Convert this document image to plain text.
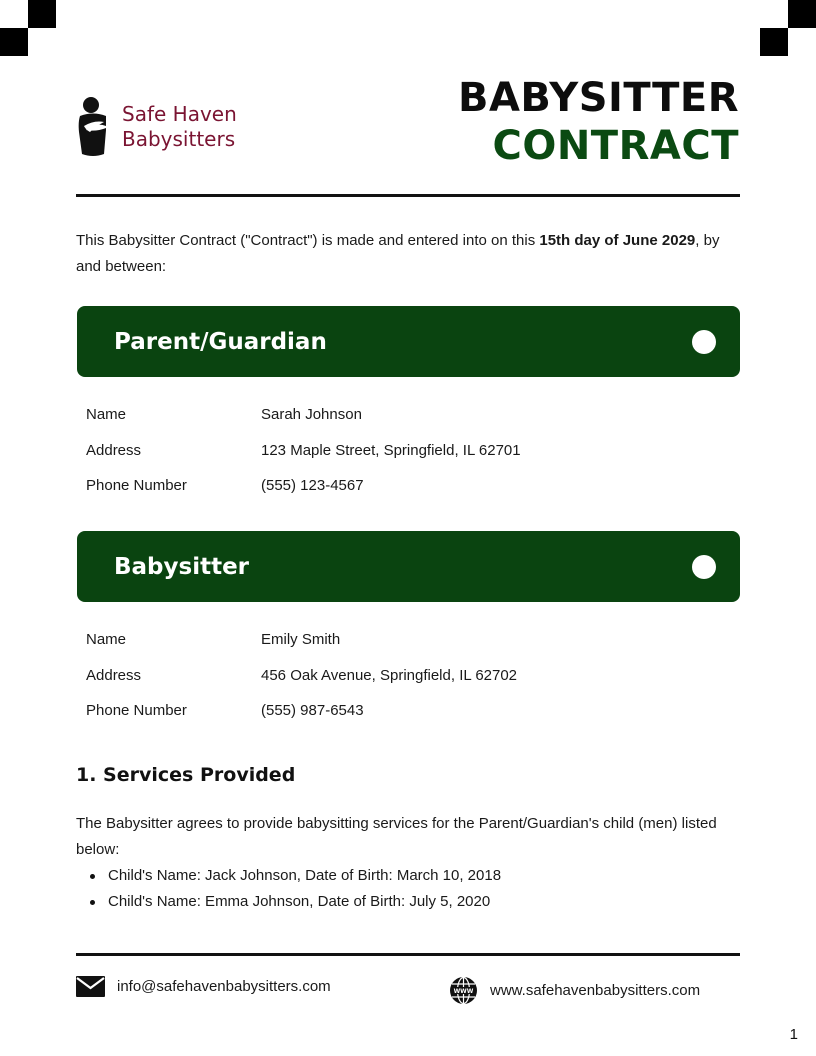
Safe Haven
Babysitters
BABYSITTER
CONTRACT

This Babysitter Contract ("Contract") is made and entered into on this 15th day of June 2029, by and between:

Parent/Guardian
Name	Sarah Johnson
Address	123 Maple Street, Springfield, IL 62701
Phone Number	(555) 123-4567
Babysitter
Name	Emily Smith
Address	456 Oak Avenue, Springfield, IL 62702
Phone Number	(555) 987-6543
1. Services Provided

The Babysitter agrees to provide babysitting services for the Parent/Guardian's child (men) listed below:

Child's Name: Jack Johnson, Date of Birth: March 10, 2018
Child's Name: Emma Johnson, Date of Birth: July 5, 2020
info@safehavenbabysitters.com	WWW www.safehavenbabysitters.com
1
